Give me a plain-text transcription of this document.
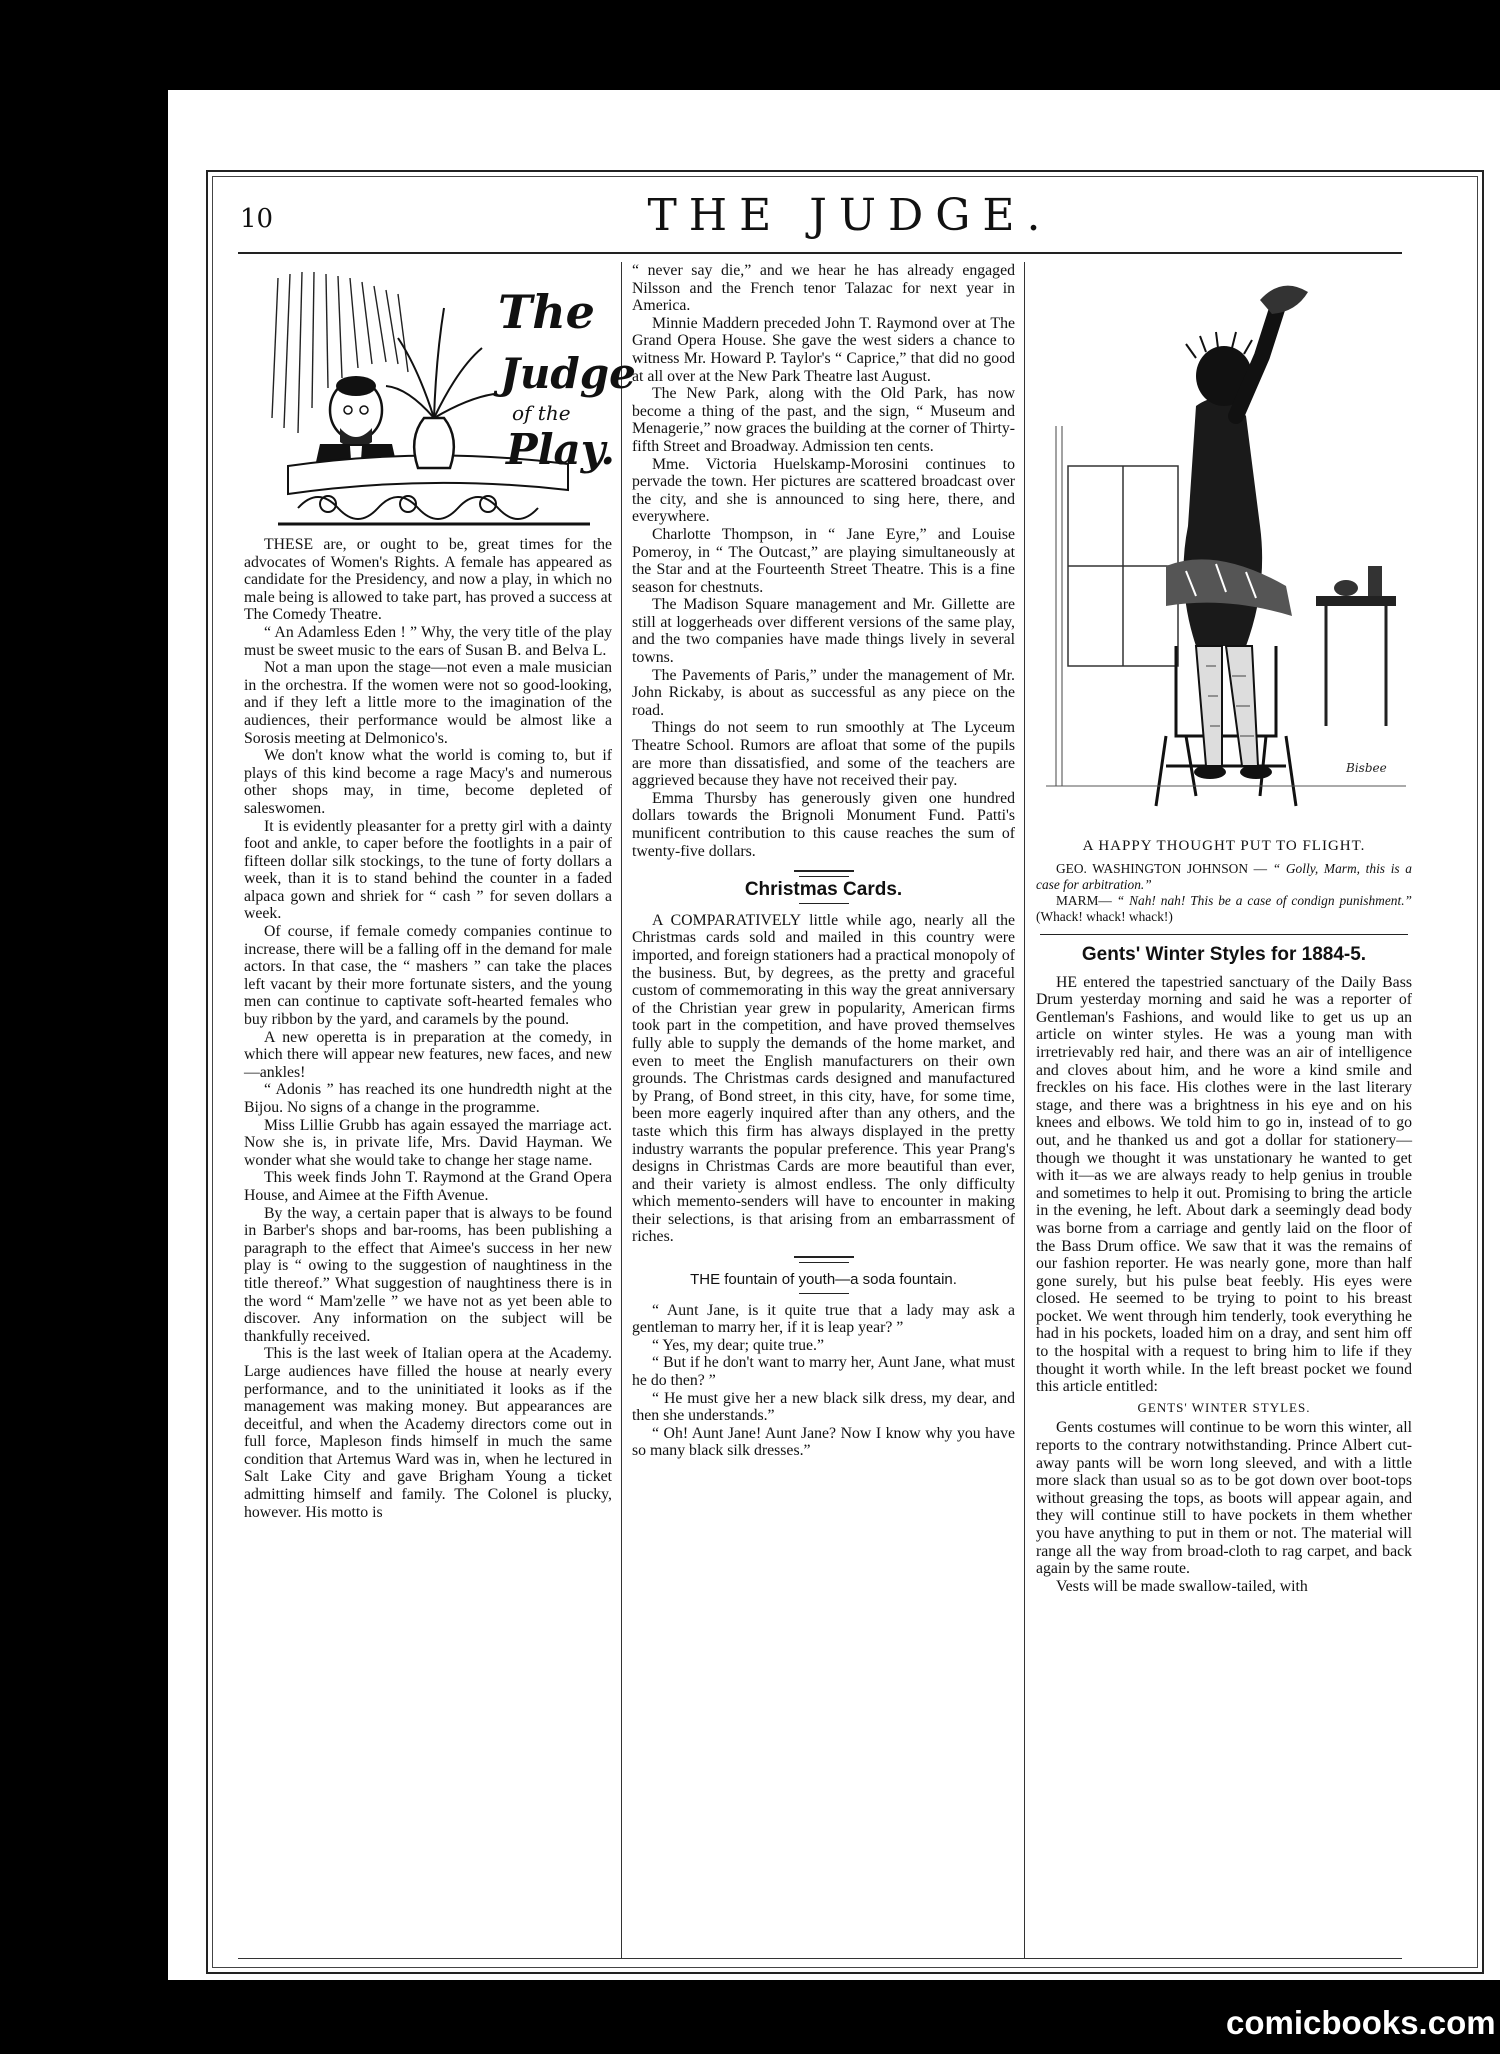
10	THE JUDGE.
The
Judge
of the
Play.

THESE are, or ought to be, great times for the advocates of Women's Rights. A female has appeared as candidate for the Presidency, and now a play, in which no male being is allowed to take part, has proved a success at The Comedy Theatre.

“ An Adamless Eden ! ” Why, the very title of the play must be sweet music to the ears of Susan B. and Belva L.

Not a man upon the stage—not even a male musician in the orchestra. If the women were not so good-looking, and if they left a little more to the imagination of the audiences, their performance would be almost like a Sorosis meeting at Delmonico's.

We don't know what the world is coming to, but if plays of this kind become a rage Macy's and numerous other shops may, in time, become depleted of saleswomen.

It is evidently pleasanter for a pretty girl with a dainty foot and ankle, to caper before the footlights in a pair of fifteen dollar silk stockings, to the tune of forty dollars a week, than it is to stand behind the counter in a faded alpaca gown and shriek for “ cash ” for seven dollars a week.

Of course, if female comedy companies continue to increase, there will be a falling off in the demand for male actors. In that case, the “ mashers ” can take the places left vacant by their more fortunate sisters, and the young men can continue to captivate soft-hearted females who buy ribbon by the yard, and caramels by the pound.

A new operetta is in preparation at the comedy, in which there will appear new features, new faces, and new—ankles!

“ Adonis ” has reached its one hundredth night at the Bijou. No signs of a change in the programme.

Miss Lillie Grubb has again essayed the marriage act. Now she is, in private life, Mrs. David Hayman. We wonder what she would take to change her stage name.

This week finds John T. Raymond at the Grand Opera House, and Aimee at the Fifth Avenue.

By the way, a certain paper that is always to be found in Barber's shops and bar-rooms, has been publishing a paragraph to the effect that Aimee's success in her new play is “ owing to the suggestion of naughtiness in the title thereof.” What suggestion of naughtiness there is in the word “ Mam'zelle ” we have not as yet been able to discover. Any information on the subject will be thankfully received.

This is the last week of Italian opera at the Academy. Large audiences have filled the house at nearly every performance, and to the uninitiated it looks as if the management was making money. But appearances are deceitful, and when the Academy directors come out in full force, Mapleson finds himself in much the same condition that Artemus Ward was in, when he lectured in Salt Lake City and gave Brigham Young a ticket admitting himself and family. The Colonel is plucky, however. His motto is

“ never say die,” and we hear he has already engaged Nilsson and the French tenor Talazac for next year in America.

Minnie Maddern preceded John T. Raymond over at The Grand Opera House. She gave the west siders a chance to witness Mr. Howard P. Taylor's “ Caprice,” that did no good at all over at the New Park Theatre last August.

The New Park, along with the Old Park, has now become a thing of the past, and the sign, “ Museum and Menagerie,” now graces the building at the corner of Thirty-fifth Street and Broadway. Admission ten cents.

Mme. Victoria Huelskamp-Morosini continues to pervade the town. Her pictures are scattered broadcast over the city, and she is announced to sing here, there, and everywhere.

Charlotte Thompson, in “ Jane Eyre,” and Louise Pomeroy, in “ The Outcast,” are playing simultaneously at the Star and at the Fourteenth Street Theatre. This is a fine season for chestnuts.

The Madison Square management and Mr. Gillette are still at loggerheads over different versions of the same play, and the two companies have made things lively in several towns.

The Pavements of Paris,” under the management of Mr. John Rickaby, is about as successful as any piece on the road.

Things do not seem to run smoothly at The Lyceum Theatre School. Rumors are afloat that some of the pupils are more than dissatisfied, and some of the teachers are aggrieved because they have not received their pay.

Emma Thursby has generously given one hundred dollars towards the Brignoli Monument Fund. Patti's munificent contribution to this cause reaches the sum of twenty-five dollars.

Christmas Cards.

A COMPARATIVELY little while ago, nearly all the Christmas cards sold and mailed in this country were imported, and foreign stationers had a practical monopoly of the business. But, by degrees, as the pretty and graceful custom of commemorating in this way the great anniversary of the Christian year grew in popularity, American firms took part in the competition, and have proved themselves fully able to supply the demands of the home market, and even to meet the English manufacturers on their own grounds. The Christmas cards designed and manufactured by Prang, of Bond street, in this city, have, for some time, been more eagerly inquired after than any others, and the taste which this firm has always displayed in the pretty industry warrants the popular preference. This year Prang's designs in Christmas Cards are more beautiful than ever, and their variety is almost endless. The only difficulty which memento-senders will have to encounter in making their selections, is that arising from an embarrassment of riches.

THE fountain of youth—a soda fountain.

“ Aunt Jane, is it quite true that a lady may ask a gentleman to marry her, if it is leap year? ”

“ Yes, my dear; quite true.”

“ But if he don't want to marry her, Aunt Jane, what must he do then? ”

“ He must give her a new black silk dress, my dear, and then she understands.”

“ Oh! Aunt Jane! Aunt Jane? Now I know why you have so many black silk dresses.”

Bisbee
A HAPPY THOUGHT PUT TO FLIGHT.
GEO. WASHINGTON JOHNSON — “ Golly, Marm, this is a case for arbitration.”
MARM— “ Nah! nah! This be a case of condign punishment.” (Whack! whack! whack!)
Gents' Winter Styles for 1884-5.

HE entered the tapestried sanctuary of the Daily Bass Drum yesterday morning and said he was a reporter of Gentleman's Fashions, and would like to get us up an article on winter styles. He was a young man with irretrievably red hair, and there was an air of intelligence and cloves about him, and he wore a kind smile and freckles on his face. His clothes were in the last literary stage, and there was a brightness in his eye and on his knees and elbows. We told him to go in, instead of to go out, and he thanked us and got a dollar for stationery—though we thought it was unstationary he wanted to get with it—as we are always ready to help genius in trouble and sometimes to help it out. Promising to bring the article in the evening, he left. About dark a seemingly dead body was borne from a carriage and gently laid on the floor of the Bass Drum office. We saw that it was the remains of our fashion reporter. He was nearly gone, more than half gone surely, but his pulse beat feebly. His eyes were closed. He seemed to be trying to point to his breast pocket. We went through him tenderly, took everything he had in his pockets, loaded him on a dray, and sent him off to the hospital with a request to bring him to life if they thought it worth while. In the left breast pocket we found this article entitled:

GENTS' WINTER STYLES.

Gents costumes will continue to be worn this winter, all reports to the contrary notwithstanding. Prince Albert cut-away pants will be worn long sleeved, and with a little more slack than usual so as to be got down over boot-tops without greasing the tops, as boots will appear again, and they will continue still to have pockets in them whether you have anything to put in them or not. The material will range all the way from broad-cloth to rag carpet, and back again by the same route.

Vests will be made swallow-tailed, with

comicbooks.com
